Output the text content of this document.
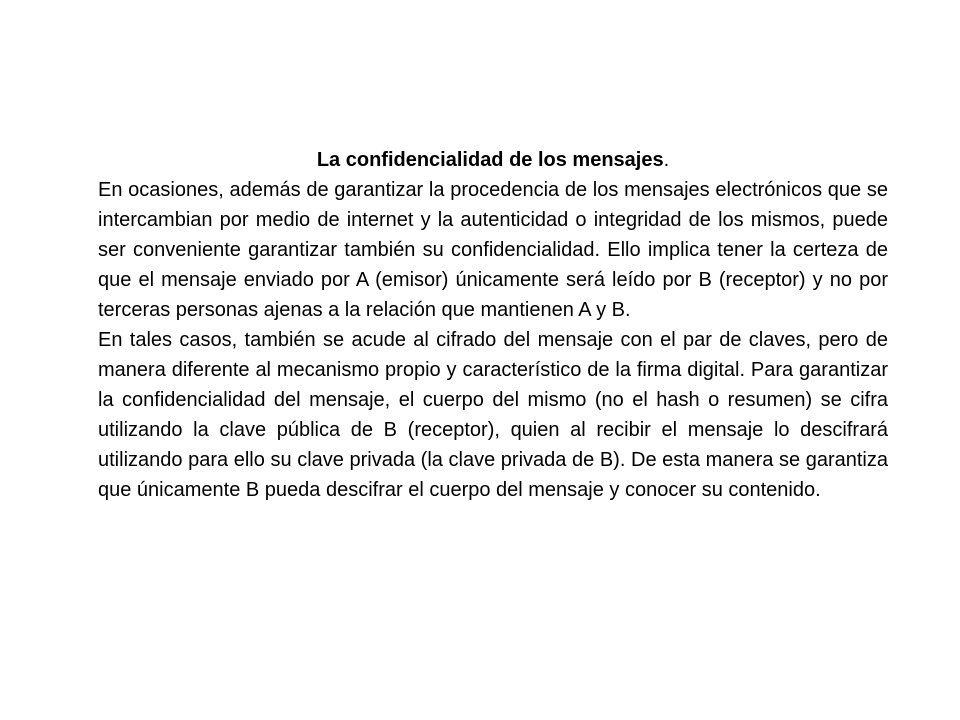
La confidencialidad de los mensajes.

En ocasiones, además de garantizar la procedencia de los mensajes electrónicos que se intercambian por medio de internet y la autenticidad o integridad de los mismos, puede ser conveniente garantizar también su confidencialidad. Ello implica tener la certeza de que el mensaje enviado por A (emisor) únicamente será leído por B (receptor) y no por terceras personas ajenas a la relación que mantienen A y B.

En tales casos, también se acude al cifrado del mensaje con el par de claves, pero de manera diferente al mecanismo propio y característico de la firma digital. Para garantizar la confidencialidad del mensaje, el cuerpo del mismo (no el hash o resumen) se cifra utilizando la clave pública de B (receptor), quien al recibir el mensaje lo descifrará utilizando para ello su clave privada (la clave privada de B). De esta manera se garantiza que únicamente B pueda descifrar el cuerpo del mensaje y conocer su contenido.
